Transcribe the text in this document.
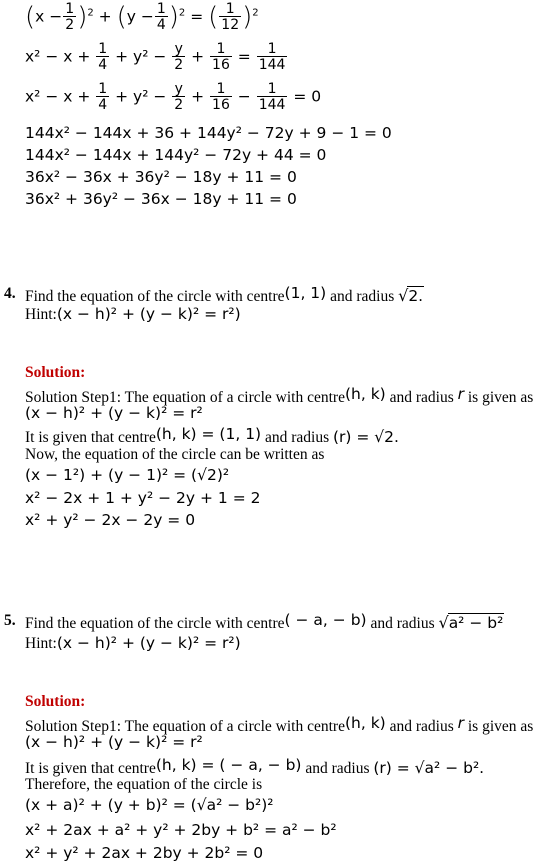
$(x - \frac{1}{2} )^2 + (y - \frac{1}{4} )^2$ = ( $\frac{1}{12} )^2$
$x^2 - x + \frac{1}{4} + y^2 - \frac{y}{2} + \frac{1}{16} = \frac{1}{144}$
$x^2 - x + \frac{1}{4} + y^2 - \frac{y}{2} + \frac{1}{16} - \frac{1}{144} = 0$
144x² − 144x + 36 + 144y² − 72y + 9 − 1 = 0
144x² − 144x + 144y² − 72y + 44 = 0
36x² − 36x + 36y² − 18y + 11 = 0
36x² + 36y² − 36x − 18y + 11 = 0
4. Find the equation of the circle with centre(1, 1) and radius √2.
Hint:(x − h)² + (y − k)² = r²)
Solution:
Solution Step1: The equation of a circle with centre(h, k) and radius r is given as
(x − h)² + (y − k)² = r²
It is given that centre(h, k) = (1, 1) and radius (r) = √2.
Now, the equation of the circle can be written as
(x − 1²) + (y − 1)² = (√2)²
x² − 2x + 1 + y² − 2y + 1 = 2
x² + y² − 2x − 2y = 0
5. Find the equation of the circle with centre( − a, − b) and radius √a² − b²
Hint:(x − h)² + (y − k)² = r²)
Solution:
Solution Step1: The equation of a circle with centre(h, k) and radius r is given as
(x − h)² + (y − k)² = r²
It is given that centre(h, k) = ( − a, − b) and radius (r) = √a² − b².
Therefore, the equation of the circle is
(x + a)² + (y + b)² = (√a² − b²)²
x² + 2ax + a² + y² + 2by + b² = a² − b²
x² + y² + 2ax + 2by + 2b² = 0
